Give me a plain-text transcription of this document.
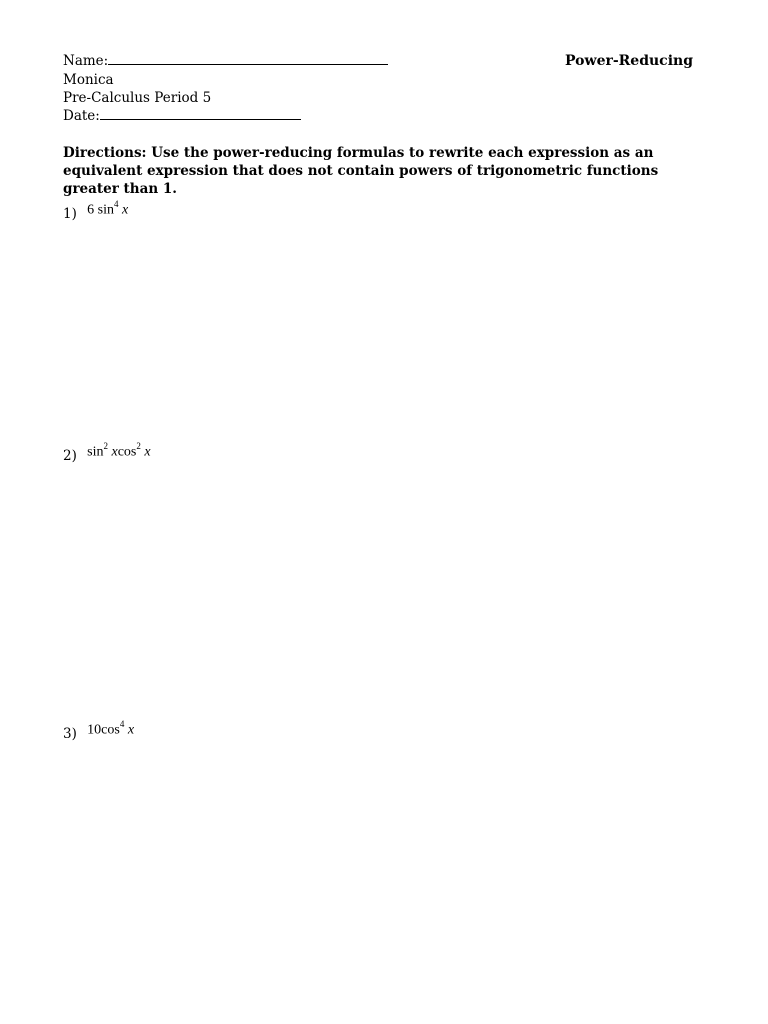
Name:	Power-Reducing
Monica
Pre-Calculus Period 5
Date:
Directions: Use the power-reducing formulas to rewrite each expression as an equivalent expression that does not contain powers of trigonometric functions greater than 1.
1) 6 $\sin^4 x$
2) $\sin^2 xcos^2$ x
3) $10\cos^4$ x
